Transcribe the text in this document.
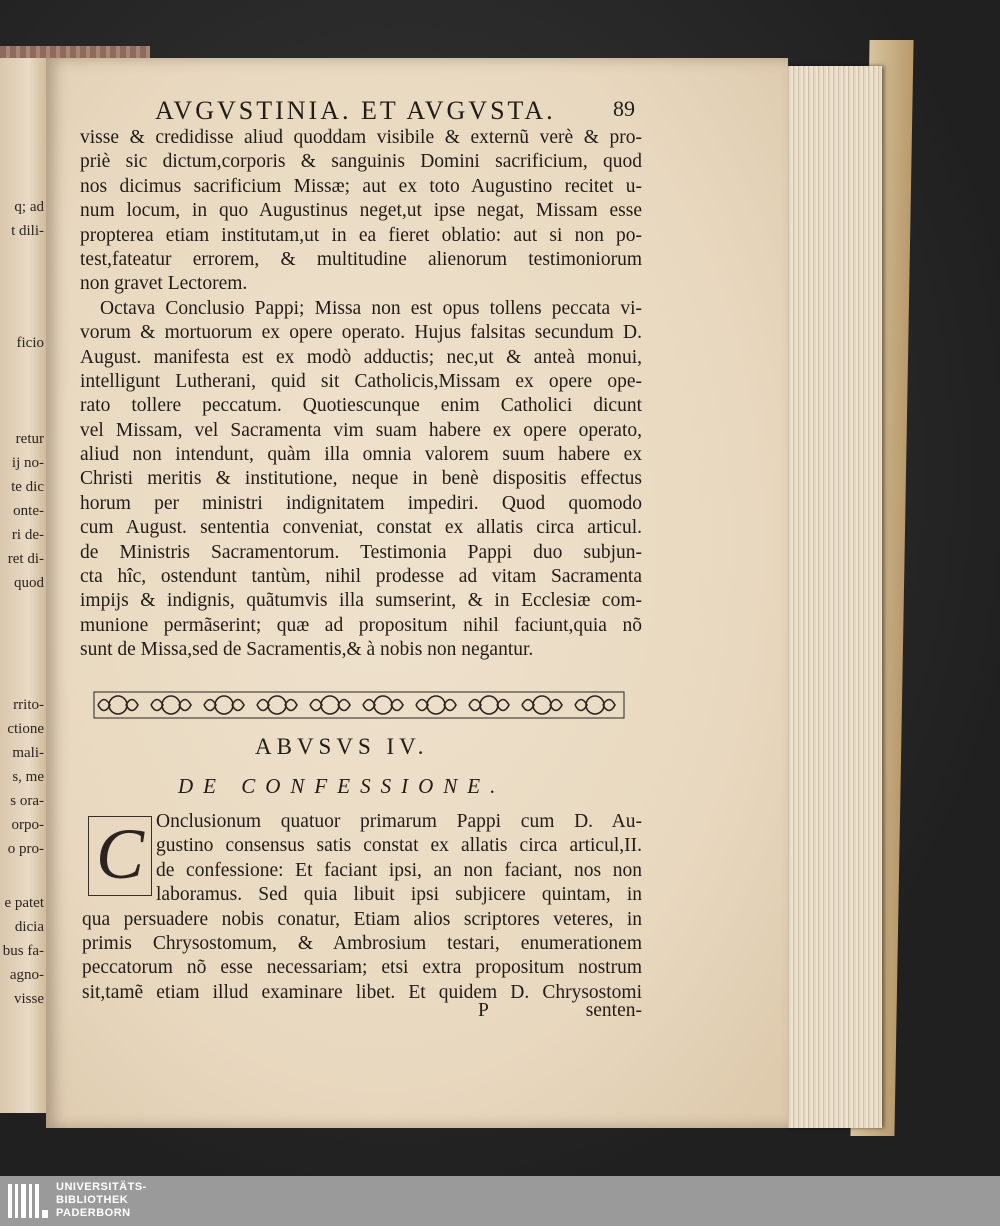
q; ad
t dili-
ficio
retur
ij no-
te dic
onte-
ri de-
ret di-
quod
rrito-
ctione
mali-
s, me
s ora-
orpo-
o pro-
e patet
dicia
bus fa-
agno-
visse
AVGVSTINIA. ET AVGVSTA.	89
visse & credidisse aliud quoddam visibile & externũ verè & pro-
priè sic dictum,corporis & sanguinis Domini sacrificium, quod
nos dicimus sacrificium Missæ; aut ex toto Augustino recitet u-
num locum, in quo Augustinus neget,ut ipse negat, Missam esse
propterea etiam institutam,ut in ea fieret oblatio: aut si non po-
test,fateatur errorem, & multitudine alienorum testimoniorum
non gravet Lectorem.
Octava Conclusio Pappi; Missa non est opus tollens peccata vi-
vorum & mortuorum ex opere operato. Hujus falsitas secundum D.
August. manifesta est ex modò adductis; nec,ut & anteà monui,
intelligunt Lutherani, quid sit Catholicis,Missam ex opere ope-
rato tollere peccatum. Quotiescunque enim Catholici dicunt
vel Missam, vel Sacramenta vim suam habere ex opere operato,
aliud non intendunt, quàm illa omnia valorem suum habere ex
Christi meritis & institutione, neque in benè dispositis effectus
horum per ministri indignitatem impediri. Quod quomodo
cum August. sententia conveniat, constat ex allatis circa articul.
de Ministris Sacramentorum. Testimonia Pappi duo subjun-
cta hîc, ostendunt tantùm, nihil prodesse ad vitam Sacramenta
impijs & indignis, quãtumvis illa sumserint, & in Ecclesiæ com-
munione permãserint; quæ ad propositum nihil faciunt,quia nõ
sunt de Missa,sed de Sacramentis,& à nobis non negantur.
ABVSVS IV.
DE CONFESSIONE.
C Onclusionum quatuor primarum Pappi cum D. Au-
gustino consensus satis constat ex allatis circa articul,II.
de confessione: Et faciant ipsi, an non faciant, nos non
laboramus. Sed quia libuit ipsi subjicere quintam, in
qua persuadere nobis conatur, Etiam alios scriptores veteres, in
primis Chrysostomum, & Ambrosium testari, enumerationem
peccatorum nõ esse necessariam; etsi extra propositum nostrum
sit,tamẽ etiam illud examinare libet. Et quidem D. Chrysostomi
P	senten-
UNIVERSITÄTS-
BIBLIOTHEK
PADERBORN
